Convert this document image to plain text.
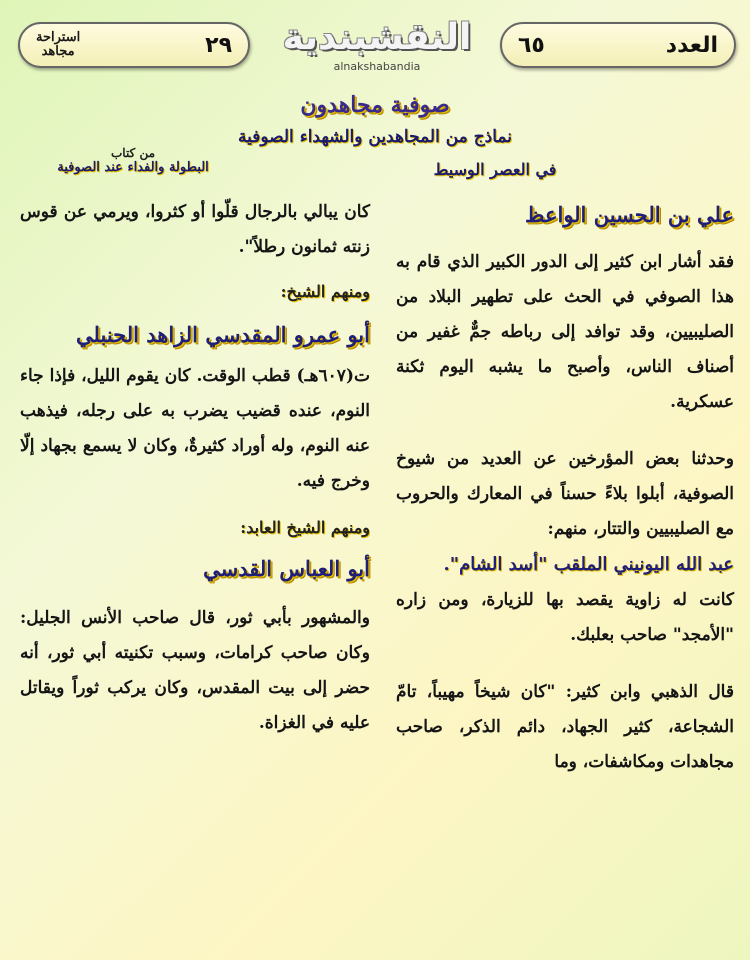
استراحة
مجاهد	٢٩	النقشبندية
alnakshabandia
٦٥	العدد
صوفية مجاهدون
نماذج من المجاهدين والشهداء الصوفية
في العصر الوسيط
من كتاب
البطولة والفداء عند الصوفية
علي بن الحسين الواعظ

فقد أشار ابن كثير إلى الدور الكبير الذي قام به هذا الصوفي في الحث على تطهير البلاد من الصليبيين، وقد توافد إلى رباطه جمٌّ غفير من أصناف الناس، وأصبح ما يشبه اليوم ثكنة عسكرية.

وحدثنا بعض المؤرخين عن العديد من شيوخ الصوفية، أبلوا بلاءً حسناً في المعارك والحروب مع الصليبيين والتتار، منهم:

عبد الله اليونيني الملقب "أسد الشام".

كانت له زاوية يقصد بها للزيارة، ومن زاره "الأمجد" صاحب بعلبك.

قال الذهبي وابن كثير: "كان شيخاً مهيباً، تامّ الشجاعة، كثير الجهاد، دائم الذكر، صاحب مجاهدات ومكاشفات، وما

كان يبالي بالرجال قلّوا أو كثروا، ويرمي عن قوس زنته ثمانون رطلاً".

ومنهم الشيخ:
أبو عمرو المقدسي الزاهد الحنبلي

ت(٦٠٧هـ) قطب الوقت. كان يقوم الليل، فإذا جاء النوم، عنده قضيب يضرب به على رجله، فيذهب عنه النوم، وله أوراد كثيرةٌ، وكان لا يسمع بجهاد إلّا وخرج فيه.

ومنهم الشيخ العابد:
أبو العباس القدسي

والمشهور بأبي ثور، قال صاحب الأنس الجليل: وكان صاحب كرامات، وسبب تكنيته أبي ثور، أنه حضر إلى بيت المقدس، وكان يركب ثوراً ويقاتل عليه في الغزاة.
